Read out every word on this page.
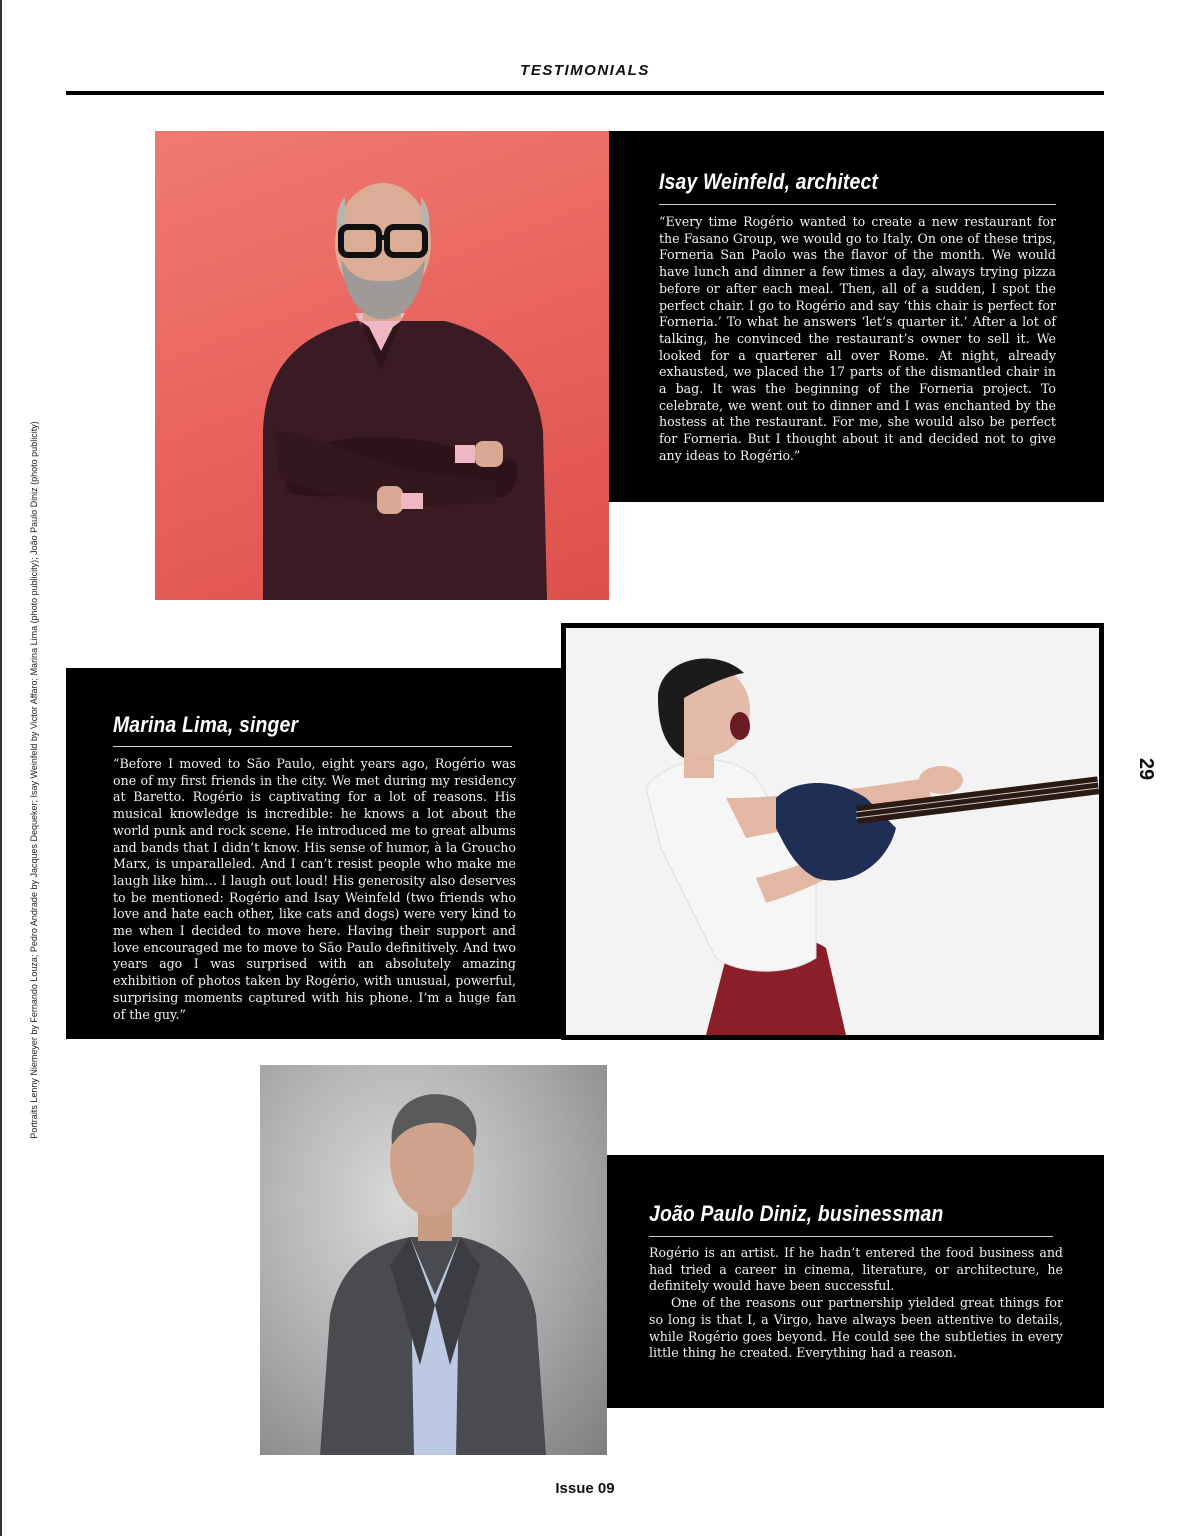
TESTIMONIALS
Isay Weinfeld, architect

“Every time Rogério wanted to create a new restaurant for the Fasano Group, we would go to Italy. On one of these trips, Forneria San Paolo was the flavor of the month. We would have lunch and dinner a few times a day, always trying pizza before or after each meal. Then, all of a sudden, I spot the perfect chair. I go to Rogério and say ‘this chair is perfect for Forneria.’ To what he answers ‘let’s quarter it.’ After a lot of talking, he convinced the restaurant’s owner to sell it. We looked for a quarterer all over Rome. At night, already exhausted, we placed the 17 parts of the dismantled chair in a bag. It was the beginning of the Forneria project. To celebrate, we went out to dinner and I was enchanted by the hostess at the restaurant. For me, she would also be perfect for Forneria. But I thought about it and decided not to give any ideas to Rogério.”

Marina Lima, singer

“Before I moved to São Paulo, eight years ago, Rogério was one of my first friends in the city. We met during my residency at Baretto. Rogério is captivating for a lot of reasons. His musical knowledge is incredible: he knows a lot about the world punk and rock scene. He introduced me to great albums and bands that I didn’t know. His sense of humor, à la Groucho Marx, is unparalleled. And I can’t resist people who make me laugh like him… I laugh out loud! His generosity also deserves to be mentioned: Rogério and Isay Weinfeld (two friends who love and hate each other, like cats and dogs) were very kind to me when I decided to move here. Having their support and love encouraged me to move to São Paulo definitively. And two years ago I was surprised with an absolutely amazing exhibition of photos taken by Rogério, with unusual, powerful, surprising moments captured with his phone. I’m a huge fan of the guy.”

João Paulo Diniz, businessman

Rogério is an artist. If he hadn’t entered the food business and had tried a career in cinema, literature, or architecture, he definitely would have been successful.
One of the reasons our partnership yielded great things for so long is that I, a Virgo, have always been attentive to details, while Rogério goes beyond. He could see the subtleties in every little thing he created. Everything had a reason.

29
Portraits Lenny Niemeyer by Fernando Louza; Pedro Andrade by Jacques Dequeker; Isay Weinfeld by Victor Affaro; Marina Lima (photo publicity); João Paulo Diniz (photo publicity)
Issue 09
